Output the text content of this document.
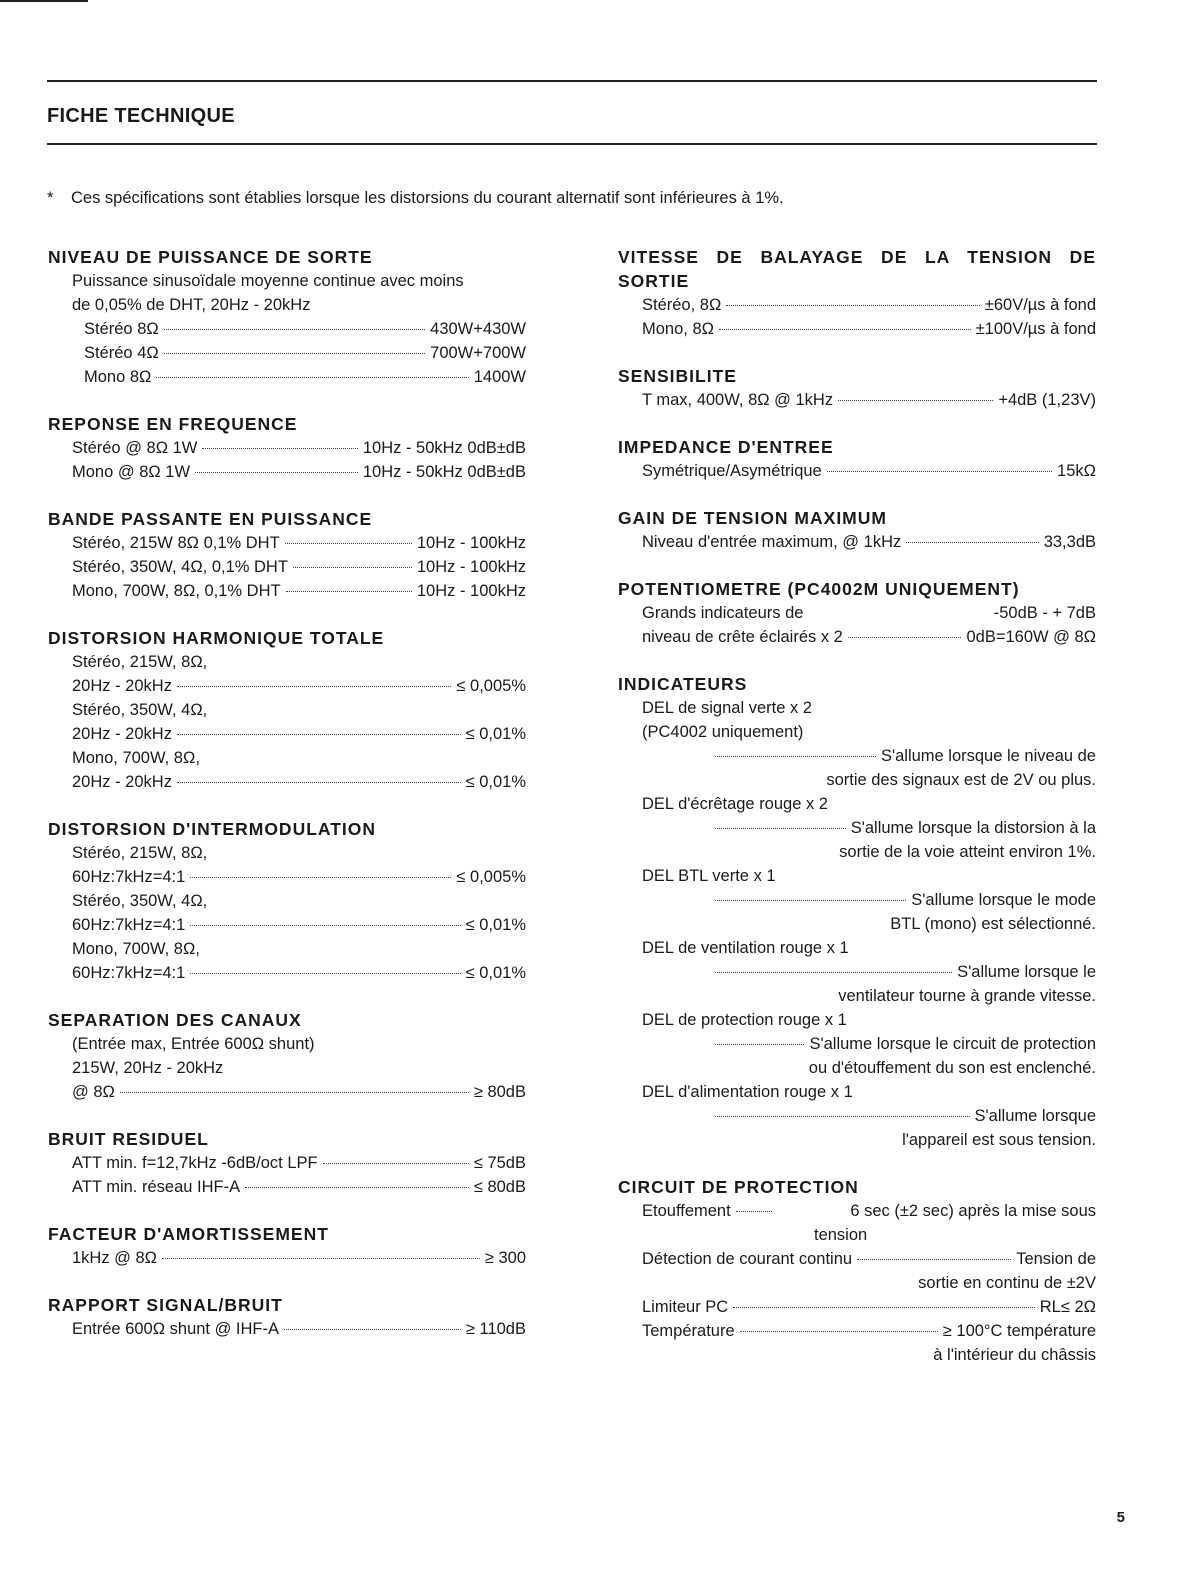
FICHE TECHNIQUE
* Ces spécifications sont établies lorsque les distorsions du courant alternatif sont inférieures à 1%.
NIVEAU DE PUISSANCE DE SORTE
Puissance sinusoïdale moyenne continue avec moins
de 0,05% de DHT, 20Hz - 20kHz
Stéréo 8Ω	430W+430W
Stéréo 4Ω	700W+700W
Mono 8Ω	1400W
REPONSE EN FREQUENCE
Stéréo @ 8Ω 1W	10Hz - 50kHz 0dB±dB
Mono @ 8Ω 1W	10Hz - 50kHz 0dB±dB
BANDE PASSANTE EN PUISSANCE
Stéréo, 215W 8Ω 0,1% DHT	10Hz - 100kHz
Stéréo, 350W, 4Ω, 0,1% DHT	10Hz - 100kHz
Mono, 700W, 8Ω, 0,1% DHT	10Hz - 100kHz
DISTORSION HARMONIQUE TOTALE
Stéréo, 215W, 8Ω,
20Hz - 20kHz	≤ 0,005%
Stéréo, 350W, 4Ω,
20Hz - 20kHz	≤ 0,01%
Mono, 700W, 8Ω,
20Hz - 20kHz	≤ 0,01%
DISTORSION D'INTERMODULATION
Stéréo, 215W, 8Ω,
60Hz:7kHz=4:1	≤ 0,005%
Stéréo, 350W, 4Ω,
60Hz:7kHz=4:1	≤ 0,01%
Mono, 700W, 8Ω,
60Hz:7kHz=4:1	≤ 0,01%
SEPARATION DES CANAUX
(Entrée max, Entrée 600Ω shunt)
215W, 20Hz - 20kHz
@ 8Ω	≥ 80dB
BRUIT RESIDUEL
ATT min. f=12,7kHz -6dB/oct LPF	≤ 75dB
ATT min. réseau IHF-A	≤ 80dB
FACTEUR D'AMORTISSEMENT
1kHz @ 8Ω	≥ 300
RAPPORT SIGNAL/BRUIT
Entrée 600Ω shunt @ IHF-A	≥ 110dB
VITESSE DE BALAYAGE DE LA TENSION DE SORTIE
Stéréo, 8Ω	±60V/µs à fond
Mono, 8Ω	±100V/µs à fond
SENSIBILITE
T max, 400W, 8Ω @ 1kHz	+4dB (1,23V)
IMPEDANCE D'ENTREE
Symétrique/Asymétrique	15kΩ
GAIN DE TENSION MAXIMUM
Niveau d'entrée maximum, @ 1kHz	33,3dB
POTENTIOMETRE (PC4002M UNIQUEMENT)
Grands indicateurs de	-50dB - + 7dB
niveau de crête éclairés x 2	0dB=160W @ 8Ω
INDICATEURS
DEL de signal verte x 2
(PC4002 uniquement)
S'allume lorsque le niveau de
sortie des signaux est de 2V ou plus.
DEL d'écrêtage rouge x 2
S'allume lorsque la distorsion à la
sortie de la voie atteint environ 1%.
DEL BTL verte x 1
S'allume lorsque le mode
BTL (mono) est sélectionné.
DEL de ventilation rouge x 1
S'allume lorsque le
ventilateur tourne à grande vitesse.
DEL de protection rouge x 1
S'allume lorsque le circuit de protection
ou d'étouffement du son est enclenché.
DEL d'alimentation rouge x 1
S'allume lorsque
l'appareil est sous tension.
CIRCUIT DE PROTECTION
Etouffement	6 sec (±2 sec) après la mise sous
tension
Détection de courant continu	Tension de
sortie en continu de ±2V
Limiteur PC	RL≤ 2Ω
Température	≥ 100°C température
à l'intérieur du châssis
5
